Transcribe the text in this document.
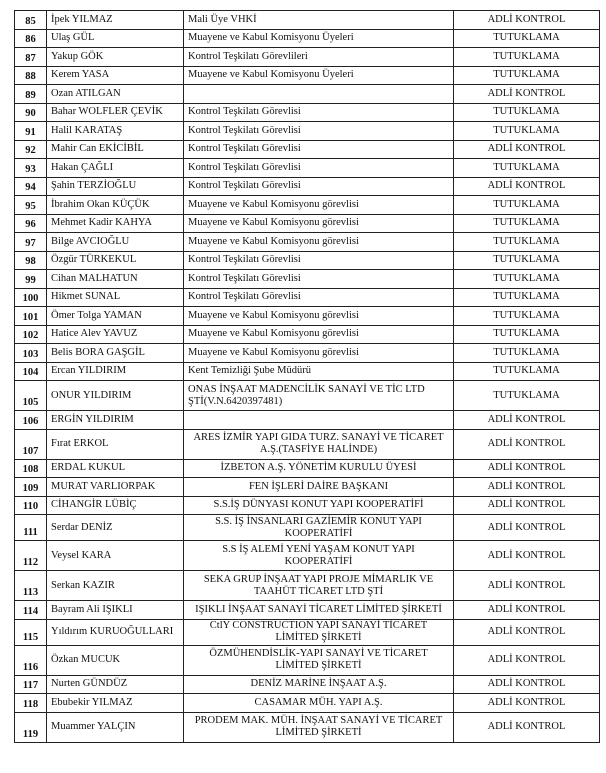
85	İpek YILMAZ	Mali Üye VHKİ	ADLİ KONTROL
86	Ulaş GÜL	Muayene ve Kabul Komisyonu Üyeleri	TUTUKLAMA
87	Yakup GÖK	Kontrol Teşkilatı Görevlileri	TUTUKLAMA
88	Kerem YASA	Muayene ve Kabul Komisyonu Üyeleri	TUTUKLAMA
89	Ozan ATILGAN		ADLİ KONTROL
90	Bahar WOLFLER ÇEVİK	Kontrol Teşkilatı Görevlisi	TUTUKLAMA
91	Halil KARATAŞ	Kontrol Teşkilatı Görevlisi	TUTUKLAMA
92	Mahir Can EKİCİBİL	Kontrol Teşkilatı Görevlisi	ADLİ KONTROL
93	Hakan ÇAĞLI	Kontrol Teşkilatı Görevlisi	TUTUKLAMA
94	Şahin TERZİOĞLU	Kontrol Teşkilatı Görevlisi	ADLİ KONTROL
95	İbrahim Okan KÜÇÜK	Muayene ve Kabul Komisyonu görevlisi	TUTUKLAMA
96	Mehmet Kadir KAHYA	Muayene ve Kabul Komisyonu görevlisi	TUTUKLAMA
97	Bilge AVCIOĞLU	Muayene ve Kabul Komisyonu görevlisi	TUTUKLAMA
98	Özgür TÜRKEKUL	Kontrol Teşkilatı Görevlisi	TUTUKLAMA
99	Cihan MALHATUN	Kontrol Teşkilatı Görevlisi	TUTUKLAMA
100	Hikmet SUNAL	Kontrol Teşkilatı Görevlisi	TUTUKLAMA
101	Ömer Tolga YAMAN	Muayene ve Kabul Komisyonu görevlisi	TUTUKLAMA
102	Hatice Alev YAVUZ	Muayene ve Kabul Komisyonu görevlisi	TUTUKLAMA
103	Belis BORA GAŞGİL	Muayene ve Kabul Komisyonu görevlisi	TUTUKLAMA
104	Ercan YILDIRIM	Kent Temizliği Şube Müdürü	TUTUKLAMA
105	ONUR YILDIRIM	ONAS İNŞAAT MADENCİLİK SANAYİ VE TİC LTD ŞTİ(V.N.6420397481)	TUTUKLAMA
106	ERGİN YILDIRIM		ADLİ KONTROL
107	Fırat ERKOL	ARES İZMİR YAPI GIDA TURZ. SANAYİ VE TİCARET A.Ş.(TASFİYE HALİNDE)	ADLİ KONTROL
108	ERDAL KUKUL	İZBETON A.Ş. YÖNETİM KURULU ÜYESİ	ADLİ KONTROL
109	MURAT VARLIORPAK	FEN İŞLERİ DAİRE BAŞKANI	ADLİ KONTROL
110	CİHANGİR LÜBİÇ	S.S.İŞ DÜNYASI KONUT YAPI KOOPERATİFİ	ADLİ KONTROL
111	Serdar DENİZ	S.S. İŞ İNSANLARI GAZİEMİR KONUT YAPI KOOPERATİFİ	ADLİ KONTROL
112	Veysel KARA	S.S İŞ ALEMİ YENİ YAŞAM KONUT YAPI KOOPERATİFİ	ADLİ KONTROL
113	Serkan KAZIR	SEKA GRUP İNŞAAT YAPI PROJE MİMARLIK VE TAAHÜT TİCARET LTD ŞTİ	ADLİ KONTROL
114	Bayram Ali IŞIKLI	IŞIKLI İNŞAAT SANAYİ TİCARET LİMİTED ŞİRKETİ	ADLİ KONTROL
115	Yıldırım KURUOĞULLARI	CtlY CONSTRUCTION YAPI SANAYİ TİCARET LİMİTED ŞİRKETİ	ADLİ KONTROL
116	Özkan MUCUK	ÖZMÜHENDİSLİK-YAPI SANAYİ VE TİCARET LİMİTED ŞİRKETİ	ADLİ KONTROL
117	Nurten GÜNDÜZ	DENİZ MARİNE İNŞAAT A.Ş.	ADLİ KONTROL
118	Ebubekir YILMAZ	CASAMAR MÜH. YAPI A.Ş.	ADLİ KONTROL
119	Muammer YALÇIN	PRODEM MAK. MÜH. İNŞAAT SANAYİ VE TİCARET LİMİTED ŞİRKETİ	ADLİ KONTROL
